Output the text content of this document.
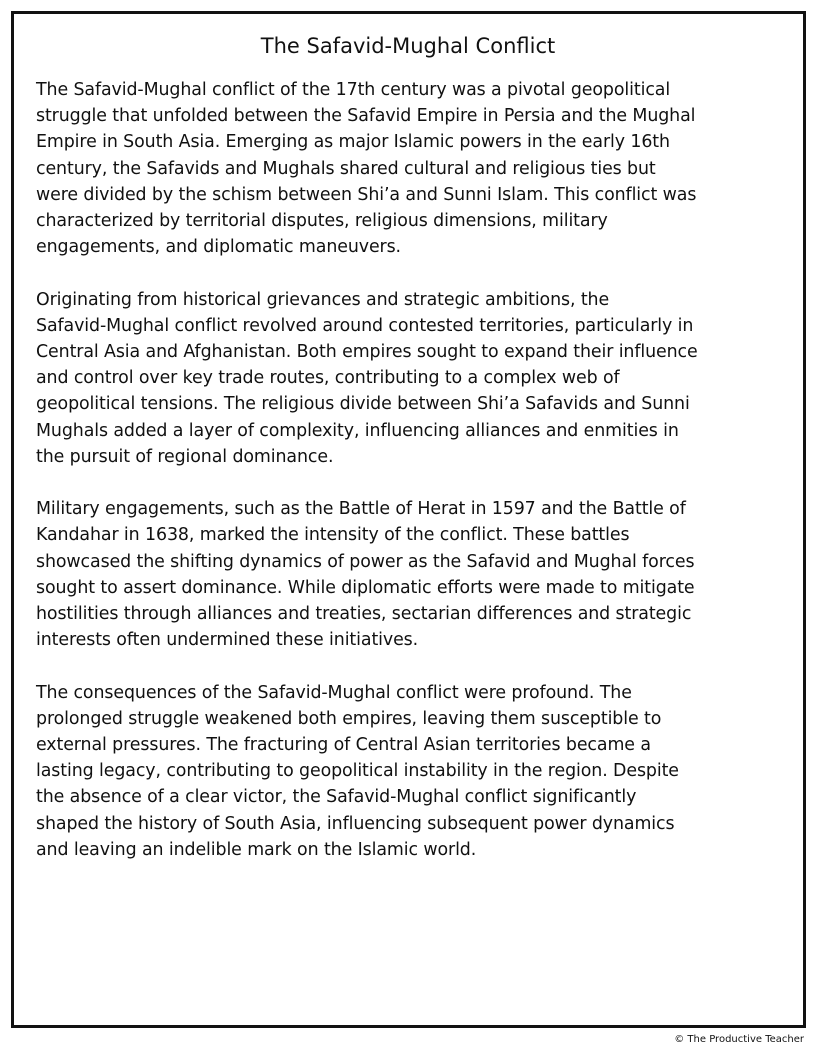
The Safavid-Mughal Conflict
The Safavid-Mughal conflict of the 17th century was a pivotal geopolitical
struggle that unfolded between the Safavid Empire in Persia and the Mughal
Empire in South Asia. Emerging as major Islamic powers in the early 16th
century, the Safavids and Mughals shared cultural and religious ties but
were divided by the schism between Shi’a and Sunni Islam. This conflict was
characterized by territorial disputes, religious dimensions, military
engagements, and diplomatic maneuvers.
Originating from historical grievances and strategic ambitions, the
Safavid-Mughal conflict revolved around contested territories, particularly in
Central Asia and Afghanistan. Both empires sought to expand their influence
and control over key trade routes, contributing to a complex web of
geopolitical tensions. The religious divide between Shi’a Safavids and Sunni
Mughals added a layer of complexity, influencing alliances and enmities in
the pursuit of regional dominance.
Military engagements, such as the Battle of Herat in 1597 and the Battle of
Kandahar in 1638, marked the intensity of the conflict. These battles
showcased the shifting dynamics of power as the Safavid and Mughal forces
sought to assert dominance. While diplomatic efforts were made to mitigate
hostilities through alliances and treaties, sectarian differences and strategic
interests often undermined these initiatives.
The consequences of the Safavid-Mughal conflict were profound. The
prolonged struggle weakened both empires, leaving them susceptible to
external pressures. The fracturing of Central Asian territories became a
lasting legacy, contributing to geopolitical instability in the region. Despite
the absence of a clear victor, the Safavid-Mughal conflict significantly
shaped the history of South Asia, influencing subsequent power dynamics
and leaving an indelible mark on the Islamic world.
© The Productive Teacher
